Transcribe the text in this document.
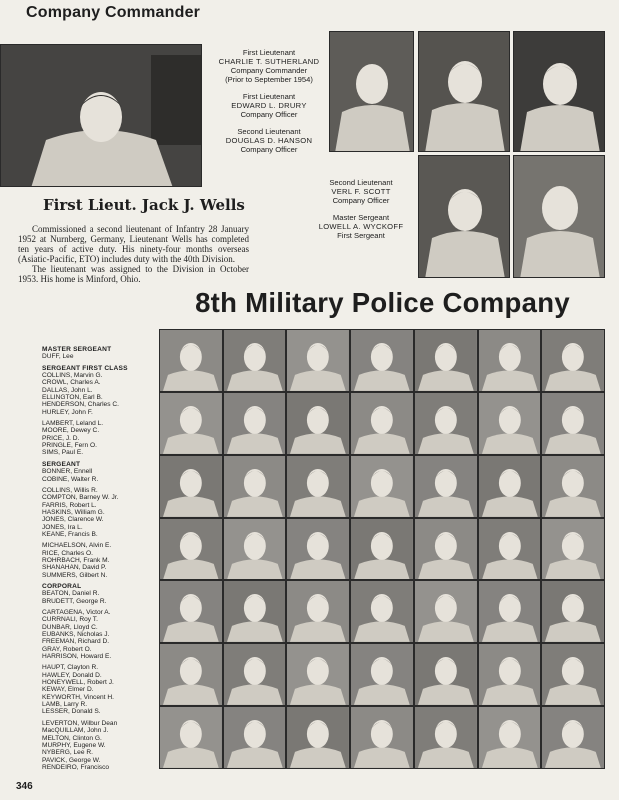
Company Commander
First Lieutenant
CHARLIE T. SUTHERLAND
Company Commander
(Prior to September 1954)
First Lieutenant
EDWARD L. DRURY
Company Officer
Second Lieutenant
DOUGLAS D. HANSON
Company Officer
Second Lieutenant
VERL F. SCOTT
Company Officer
Master Sergeant
LOWELL A. WYCKOFF
First Sergeant
First Lieut. Jack J. Wells

Commissioned a second lieutenant of Infantry 28 January 1952 at Nurnberg, Germany, Lieutenant Wells has completed ten years of active duty. His ninety-four months overseas (Asiatic-Pacific, ETO) includes duty with the 40th Division.

The lieutenant was assigned to the Division in October 1953. His home is Minford, Ohio.

8th Military Police Company
MASTER SERGEANT
DUFF, Lee
SERGEANT FIRST CLASS
COLLINS, Marvin G.
CROWL, Charles A.
DALLAS, John L.
ELLINGTON, Earl B.
HENDERSON, Charles C.
HURLEY, John F.
LAMBERT, Leland L.
MOORE, Dewey C.
PRICE, J. D.
PRINGLE, Fern O.
SIMS, Paul E.
SERGEANT
BONNER, Ennell
COBINE, Walter R.
COLLINS, Willis R.
COMPTON, Barney W. Jr.
FARRIS, Robert L.
HASKINS, William G.
JONES, Clarence W.
JONES, Ira L.
KEANE, Francis B.
MICHAELSON, Alvin E.
RICE, Charles O.
ROHRBACH, Frank M.
SHANAHAN, David P.
SUMMERS, Gilbert N.
CORPORAL
BEATON, Daniel R.
BRUDETT, George R.
CARTAGENA, Victor A.
CURRNALI, Roy T.
DUNBAR, Lloyd C.
EUBANKS, Nicholas J.
FREEMAN, Richard D.
GRAY, Robert O.
HARRISON, Howard E.
HAUPT, Clayton R.
HAWLEY, Donald D.
HONEYWELL, Robert J.
KEWAY, Elmer D.
KEYWORTH, Vincent H.
LAMB, Larry R.
LESSER, Donald S.
LEVERTON, Wilbur Dean
MacQUILLAM, John J.
MELTON, Clinton G.
MURPHY, Eugene W.
NYBERG, Lee R.
PAVICK, George W.
RENDEIRO, Francisco
346
